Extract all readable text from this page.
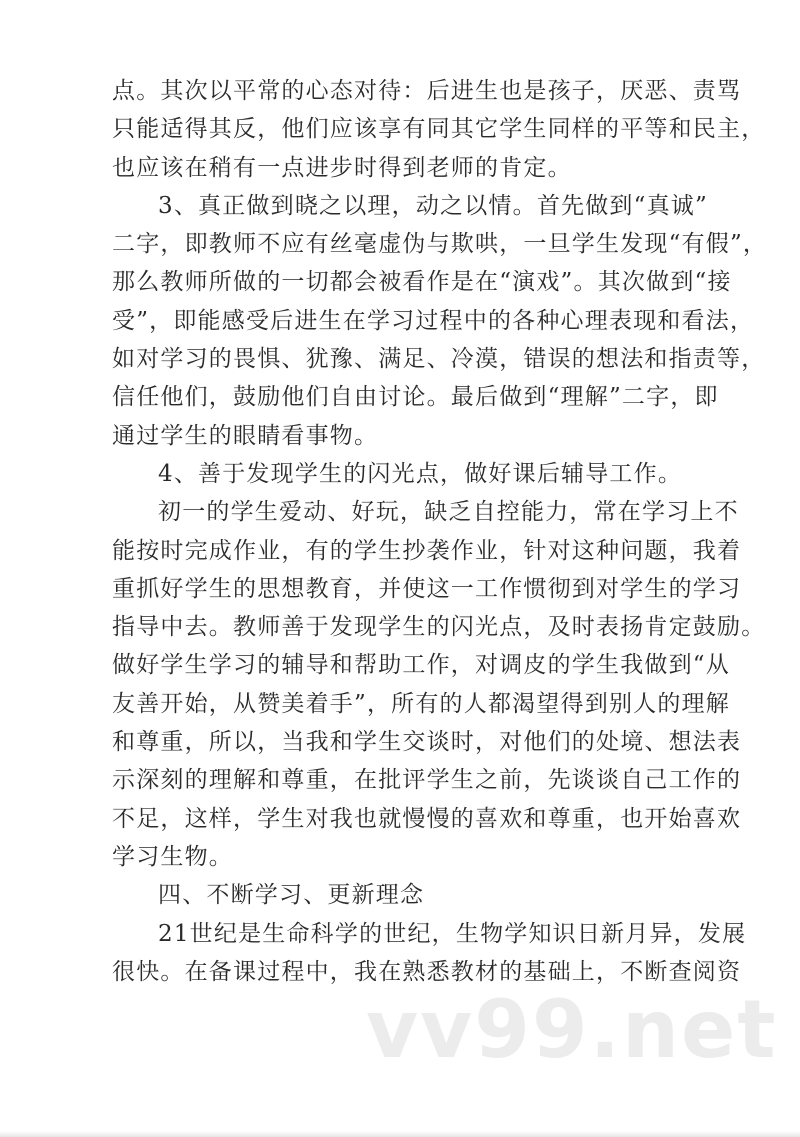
点。其次以平常的心态对待：后进生也是孩子，厌恶、责骂
只能适得其反，他们应该享有同其它学生同样的平等和民主，
也应该在稍有一点进步时得到老师的肯定。
3、真正做到晓之以理，动之以情。首先做到“真诚”
二字，即教师不应有丝毫虚伪与欺哄，一旦学生发现“有假”，
那么教师所做的一切都会被看作是在“演戏”。其次做到“接
受”，即能感受后进生在学习过程中的各种心理表现和看法，
如对学习的畏惧、犹豫、满足、冷漠，错误的想法和指责等，
信任他们，鼓励他们自由讨论。最后做到“理解”二字，即
通过学生的眼睛看事物。
4、善于发现学生的闪光点，做好课后辅导工作。
初一的学生爱动、好玩，缺乏自控能力，常在学习上不
能按时完成作业，有的学生抄袭作业，针对这种问题，我着
重抓好学生的思想教育，并使这一工作惯彻到对学生的学习
指导中去。教师善于发现学生的闪光点，及时表扬肯定鼓励。
做好学生学习的辅导和帮助工作，对调皮的学生我做到“从
友善开始，从赞美着手”，所有的人都渴望得到别人的理解
和尊重，所以，当我和学生交谈时，对他们的处境、想法表
示深刻的理解和尊重，在批评学生之前，先谈谈自己工作的
不足，这样，学生对我也就慢慢的喜欢和尊重，也开始喜欢
学习生物。
四、不断学习、更新理念
21世纪是生命科学的世纪，生物学知识日新月异，发展
很快。在备课过程中，我在熟悉教材的基础上，不断查阅资
vv99.net
